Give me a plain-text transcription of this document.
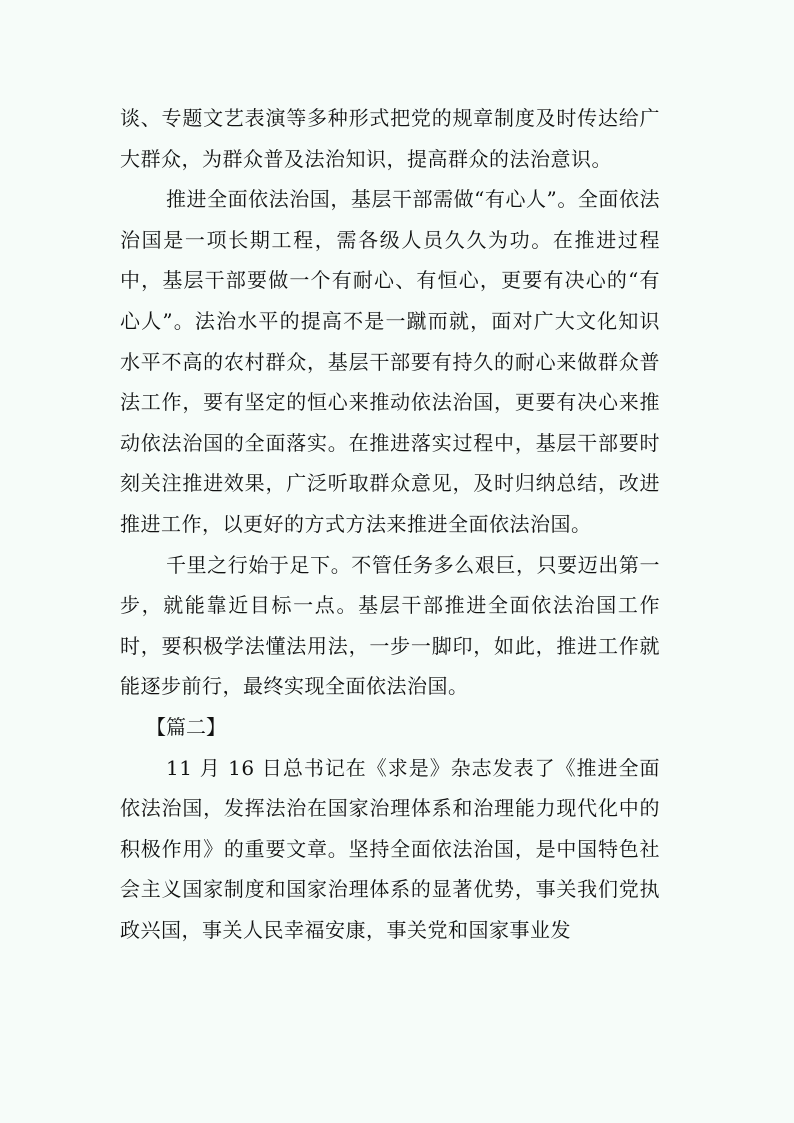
谈、专题文艺表演等多种形式把党的规章制度及时传达给广大群众，为群众普及法治知识，提高群众的法治意识。

推进全面依法治国，基层干部需做“有心人”。全面依法治国是一项长期工程，需各级人员久久为功。在推进过程中，基层干部要做一个有耐心、有恒心，更要有决心的“有心人”。法治水平的提高不是一蹴而就，面对广大文化知识水平不高的农村群众，基层干部要有持久的耐心来做群众普法工作，要有坚定的恒心来推动依法治国，更要有决心来推动依法治国的全面落实。在推进落实过程中，基层干部要时刻关注推进效果，广泛听取群众意见，及时归纳总结，改进推进工作，以更好的方式方法来推进全面依法治国。

千里之行始于足下。不管任务多么艰巨，只要迈出第一步，就能靠近目标一点。基层干部推进全面依法治国工作时，要积极学法懂法用法，一步一脚印，如此，推进工作就能逐步前行，最终实现全面依法治国。

【篇二】

11 月 16 日总书记在《求是》杂志发表了《推进全面依法治国，发挥法治在国家治理体系和治理能力现代化中的积极作用》的重要文章。坚持全面依法治国，是中国特色社会主义国家制度和国家治理体系的显著优势，事关我们党执政兴国，事关人民幸福安康，事关党和国家事业发
